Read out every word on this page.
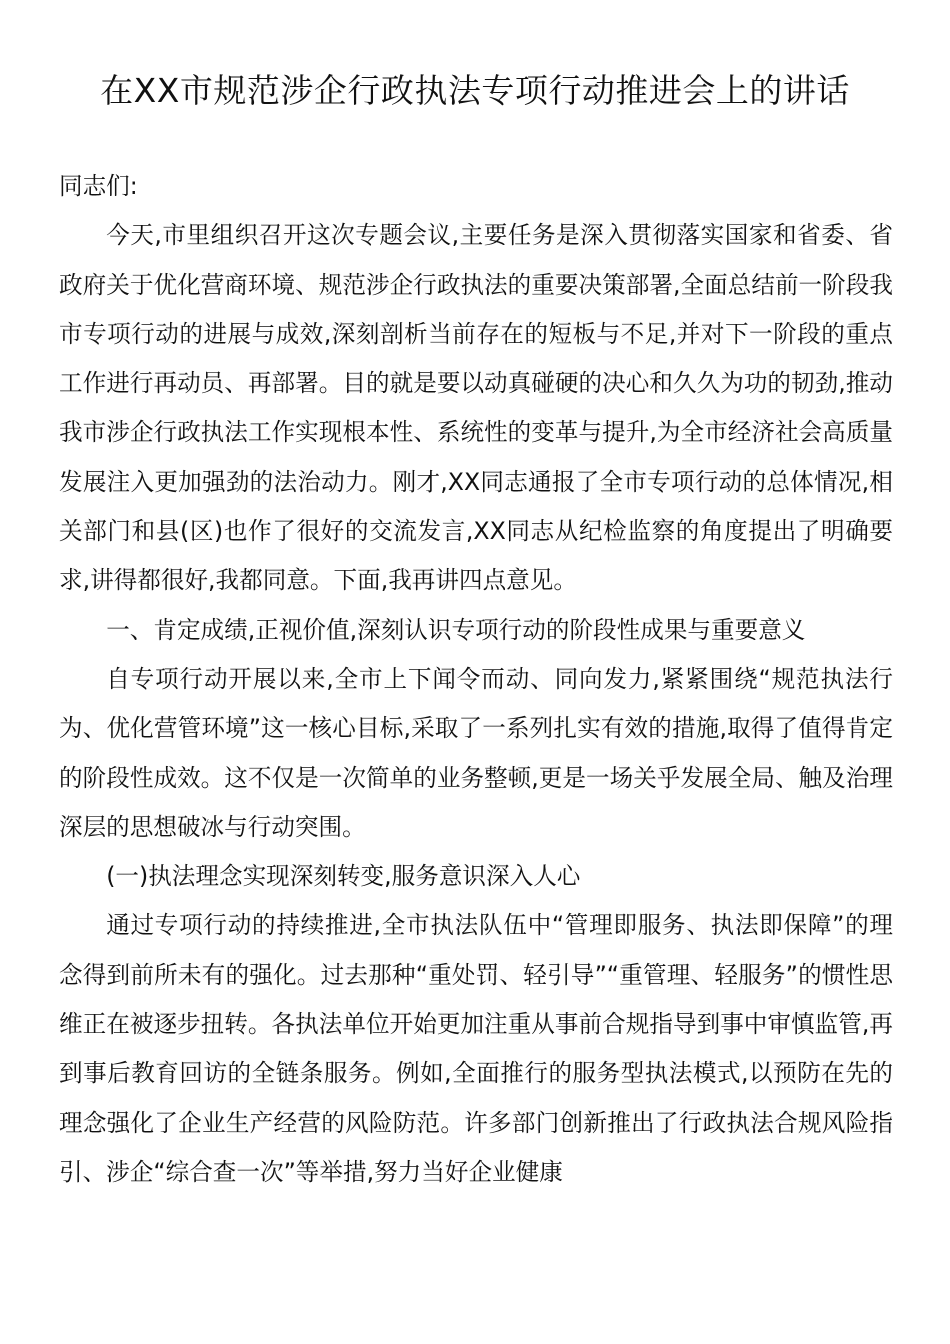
在XX市规范涉企行政执法专项行动推进会上的讲话

同志们:

今天,市里组织召开这次专题会议,主要任务是深入贯彻落实国家和省委、省政府关于优化营商环境、规范涉企行政执法的重要决策部署,全面总结前一阶段我市专项行动的进展与成效,深刻剖析当前存在的短板与不足,并对下一阶段的重点工作进行再动员、再部署。目的就是要以动真碰硬的决心和久久为功的韧劲,推动我市涉企行政执法工作实现根本性、系统性的变革与提升,为全市经济社会高质量发展注入更加强劲的法治动力。刚才,XX同志通报了全市专项行动的总体情况,相关部门和县(区)也作了很好的交流发言,XX同志从纪检监察的角度提出了明确要求,讲得都很好,我都同意。下面,我再讲四点意见。

一、肯定成绩,正视价值,深刻认识专项行动的阶段性成果与重要意义

自专项行动开展以来,全市上下闻令而动、同向发力,紧紧围绕“规范执法行为、优化营管环境”这一核心目标,采取了一系列扎实有效的措施,取得了值得肯定的阶段性成效。这不仅是一次简单的业务整顿,更是一场关乎发展全局、触及治理深层的思想破冰与行动突围。

(一)执法理念实现深刻转变,服务意识深入人心

通过专项行动的持续推进,全市执法队伍中“管理即服务、执法即保障”的理念得到前所未有的强化。过去那种“重处罚、轻引导”“重管理、轻服务”的惯性思维正在被逐步扭转。各执法单位开始更加注重从事前合规指导到事中审慎监管,再到事后教育回访的全链条服务。例如,全面推行的服务型执法模式,以预防在先的理念强化了企业生产经营的风险防范。许多部门创新推出了行政执法合规风险指引、涉企“综合查一次”等举措,努力当好企业健康
